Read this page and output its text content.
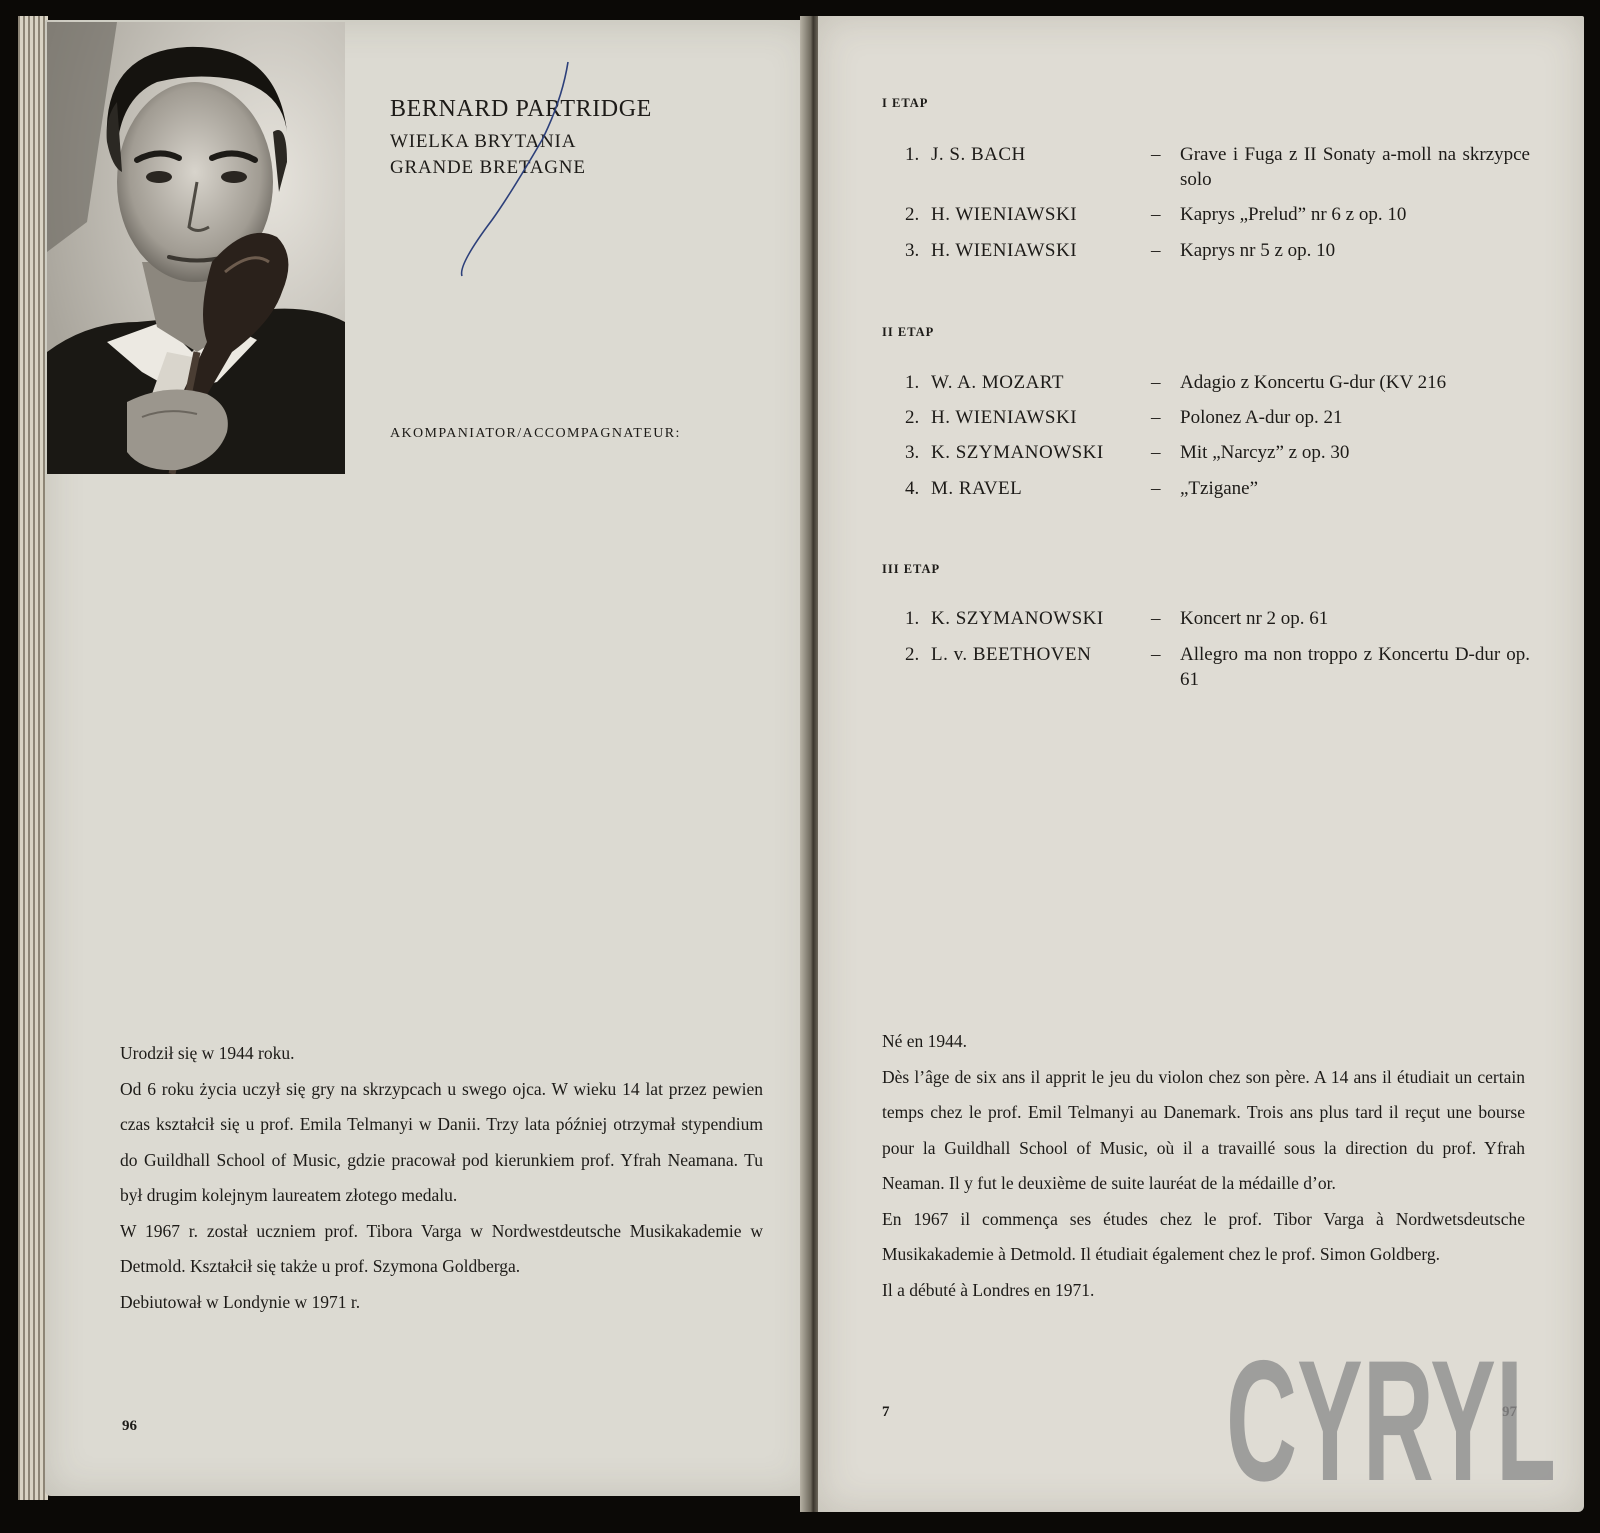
BERNARD PARTRIDGE
WIELKA BRYTANIA
GRANDE BRETAGNE
AKOMPANIATOR/ACCOMPAGNATEUR:

Urodził się w 1944 roku.

Od 6 roku życia uczył się gry na skrzypcach u swego ojca. W wieku 14 lat przez pewien czas kształcił się u prof. Emila Telmanyi w Danii. Trzy lata później otrzymał stypendium do Guildhall School of Music, gdzie pracował pod kierunkiem prof. Yfrah Neamana. Tu był drugim kolejnym laureatem złotego medalu.

W 1967 r. został uczniem prof. Tibora Varga w Nordwestdeutsche Musikakademie w Detmold. Kształcił się także u prof. Szymona Goldberga.

Debiutował w Londynie w 1971 r.

96
I ETAP
1. J. S. BACH	– Grave i Fuga z II Sonaty a-moll na skrzypce solo
2. H. WIENIAWSKI	– Kaprys „Prelud” nr 6 z op. 10
3. H. WIENIAWSKI	– Kaprys nr 5 z op. 10
II ETAP
1. W. A. MOZART	– Adagio z Koncertu G-dur (KV 216
2. H. WIENIAWSKI	– Polonez A-dur op. 21
3. K. SZYMANOWSKI	– Mit „Narcyz” z op. 30
4. M. RAVEL	– „Tzigane”
III ETAP
1. K. SZYMANOWSKI	– Koncert nr 2 op. 61
2. L. v. BEETHOVEN	– Allegro ma non troppo z Koncertu D-dur op. 61

Né en 1944.

Dès l’âge de six ans il apprit le jeu du violon chez son père. A 14 ans il étudiait un certain temps chez le prof. Emil Telmanyi au Danemark. Trois ans plus tard il reçut une bourse pour la Guildhall School of Music, où il a travaillé sous la direction du prof. Yfrah Neaman. Il y fut le deuxième de suite lauréat de la médaille d’or.

En 1967 il commença ses études chez le prof. Tibor Varga à Nordwetsdeutsche Musikakademie à Detmold. Il étudiait également chez le prof. Simon Goldberg.

Il a débuté à Londres en 1971.

7	97
CYRYL
